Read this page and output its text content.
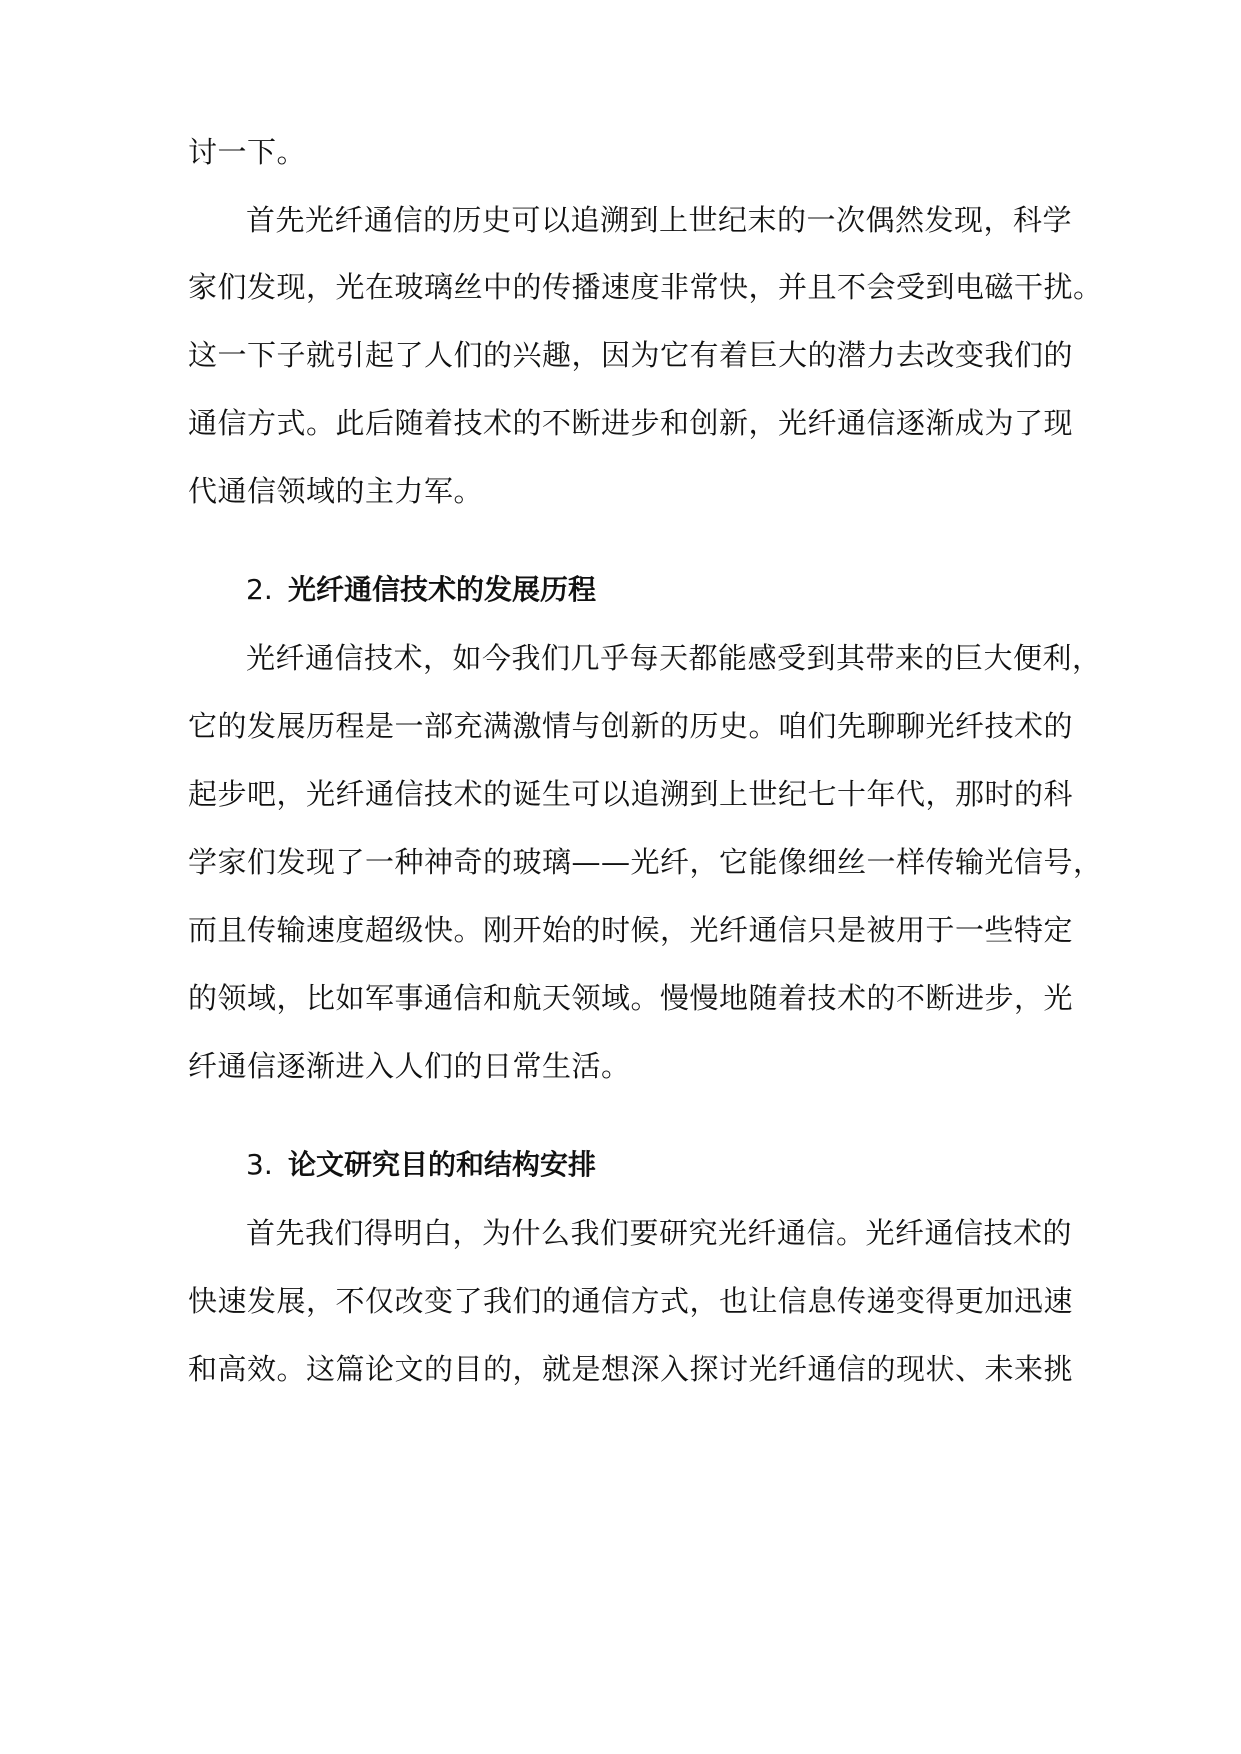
讨一下。
首先光纤通信的历史可以追溯到上世纪末的一次偶然发现，科学
家们发现，光在玻璃丝中的传播速度非常快，并且不会受到电磁干扰。
这一下子就引起了人们的兴趣，因为它有着巨大的潜力去改变我们的
通信方式。此后随着技术的不断进步和创新，光纤通信逐渐成为了现
代通信领域的主力军。
2. 光纤通信技术的发展历程
光纤通信技术，如今我们几乎每天都能感受到其带来的巨大便利，
它的发展历程是一部充满激情与创新的历史。咱们先聊聊光纤技术的
起步吧，光纤通信技术的诞生可以追溯到上世纪七十年代，那时的科
学家们发现了一种神奇的玻璃——光纤，它能像细丝一样传输光信号，
而且传输速度超级快。刚开始的时候，光纤通信只是被用于一些特定
的领域，比如军事通信和航天领域。慢慢地随着技术的不断进步，光
纤通信逐渐进入人们的日常生活。
3. 论文研究目的和结构安排
首先我们得明白，为什么我们要研究光纤通信。光纤通信技术的
快速发展，不仅改变了我们的通信方式，也让信息传递变得更加迅速
和高效。这篇论文的目的，就是想深入探讨光纤通信的现状、未来挑
